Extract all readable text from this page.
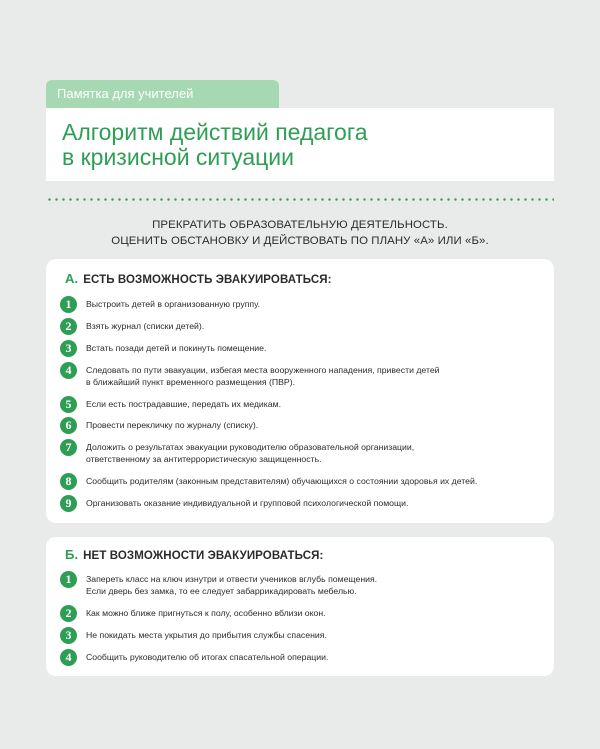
Памятка для учителей
Алгоритм действий педагога
в кризисной ситуации
ПРЕКРАТИТЬ ОБРАЗОВАТЕЛЬНУЮ ДЕЯТЕЛЬНОСТЬ.
ОЦЕНИТЬ ОБСТАНОВКУ И ДЕЙСТВОВАТЬ ПО ПЛАНУ «А» ИЛИ «Б».
А. ЕСТЬ ВОЗМОЖНОСТЬ ЭВАКУИРОВАТЬСЯ:
1	Выстроить детей в организованную группу.
2	Взять журнал (списки детей).
3	Встать позади детей и покинуть помещение.
4	Следовать по пути эвакуации, избегая места вооруженного нападения, привести детей
в ближайший пункт временного размещения (ПВР).
5	Если есть пострадавшие, передать их медикам.
6	Провести перекличку по журналу (списку).
7	Доложить о результатах эвакуации руководителю образовательной организации,
ответственному за антитеррористическую защищенность.
8	Сообщить родителям (законным представителям) обучающихся о состоянии здоровья их детей.
9	Организовать оказание индивидуальной и групповой психологической помощи.
Б. НЕТ ВОЗМОЖНОСТИ ЭВАКУИРОВАТЬСЯ:
1	Запереть класс на ключ изнутри и отвести учеников вглубь помещения.
Если дверь без замка, то ее следует забаррикадировать мебелью.
2	Как можно ближе пригнуться к полу, особенно вблизи окон.
3	Не покидать места укрытия до прибытия службы спасения.
4	Сообщить руководителю об итогах спасательной операции.
